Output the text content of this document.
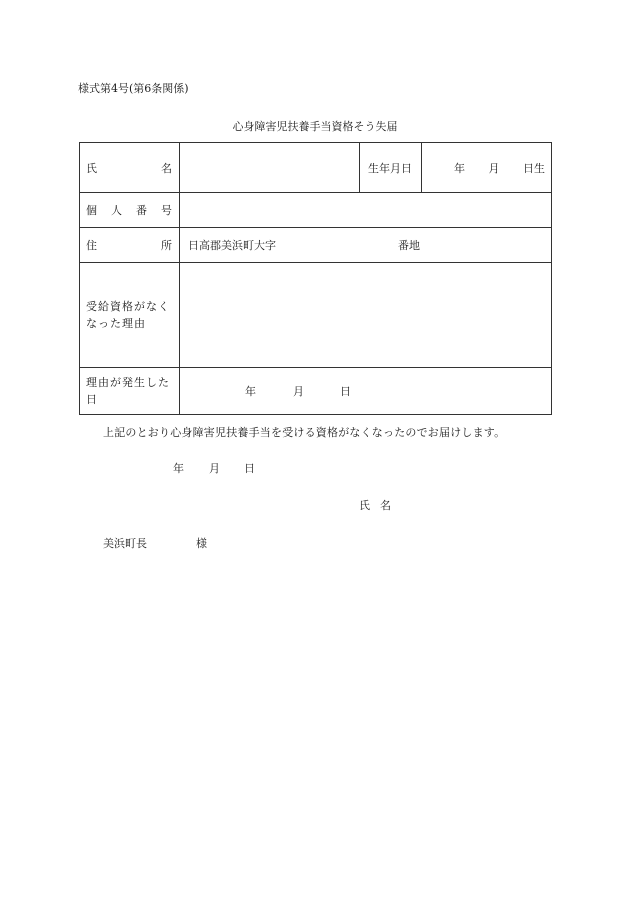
様式第4号(第6条関係)
心身障害児扶養手当資格そう失届
氏 名		生年月日	年 月 日生

個 人 番 号			

住 所	日高郡美浜町大字 番地		

受給資格がなくなった理由			
理由が発生した日	年 月 日		
上記のとおり心身障害児扶養手当を受ける資格がなくなったのでお届けします。
年 月 日
氏名
美浜町長	様
